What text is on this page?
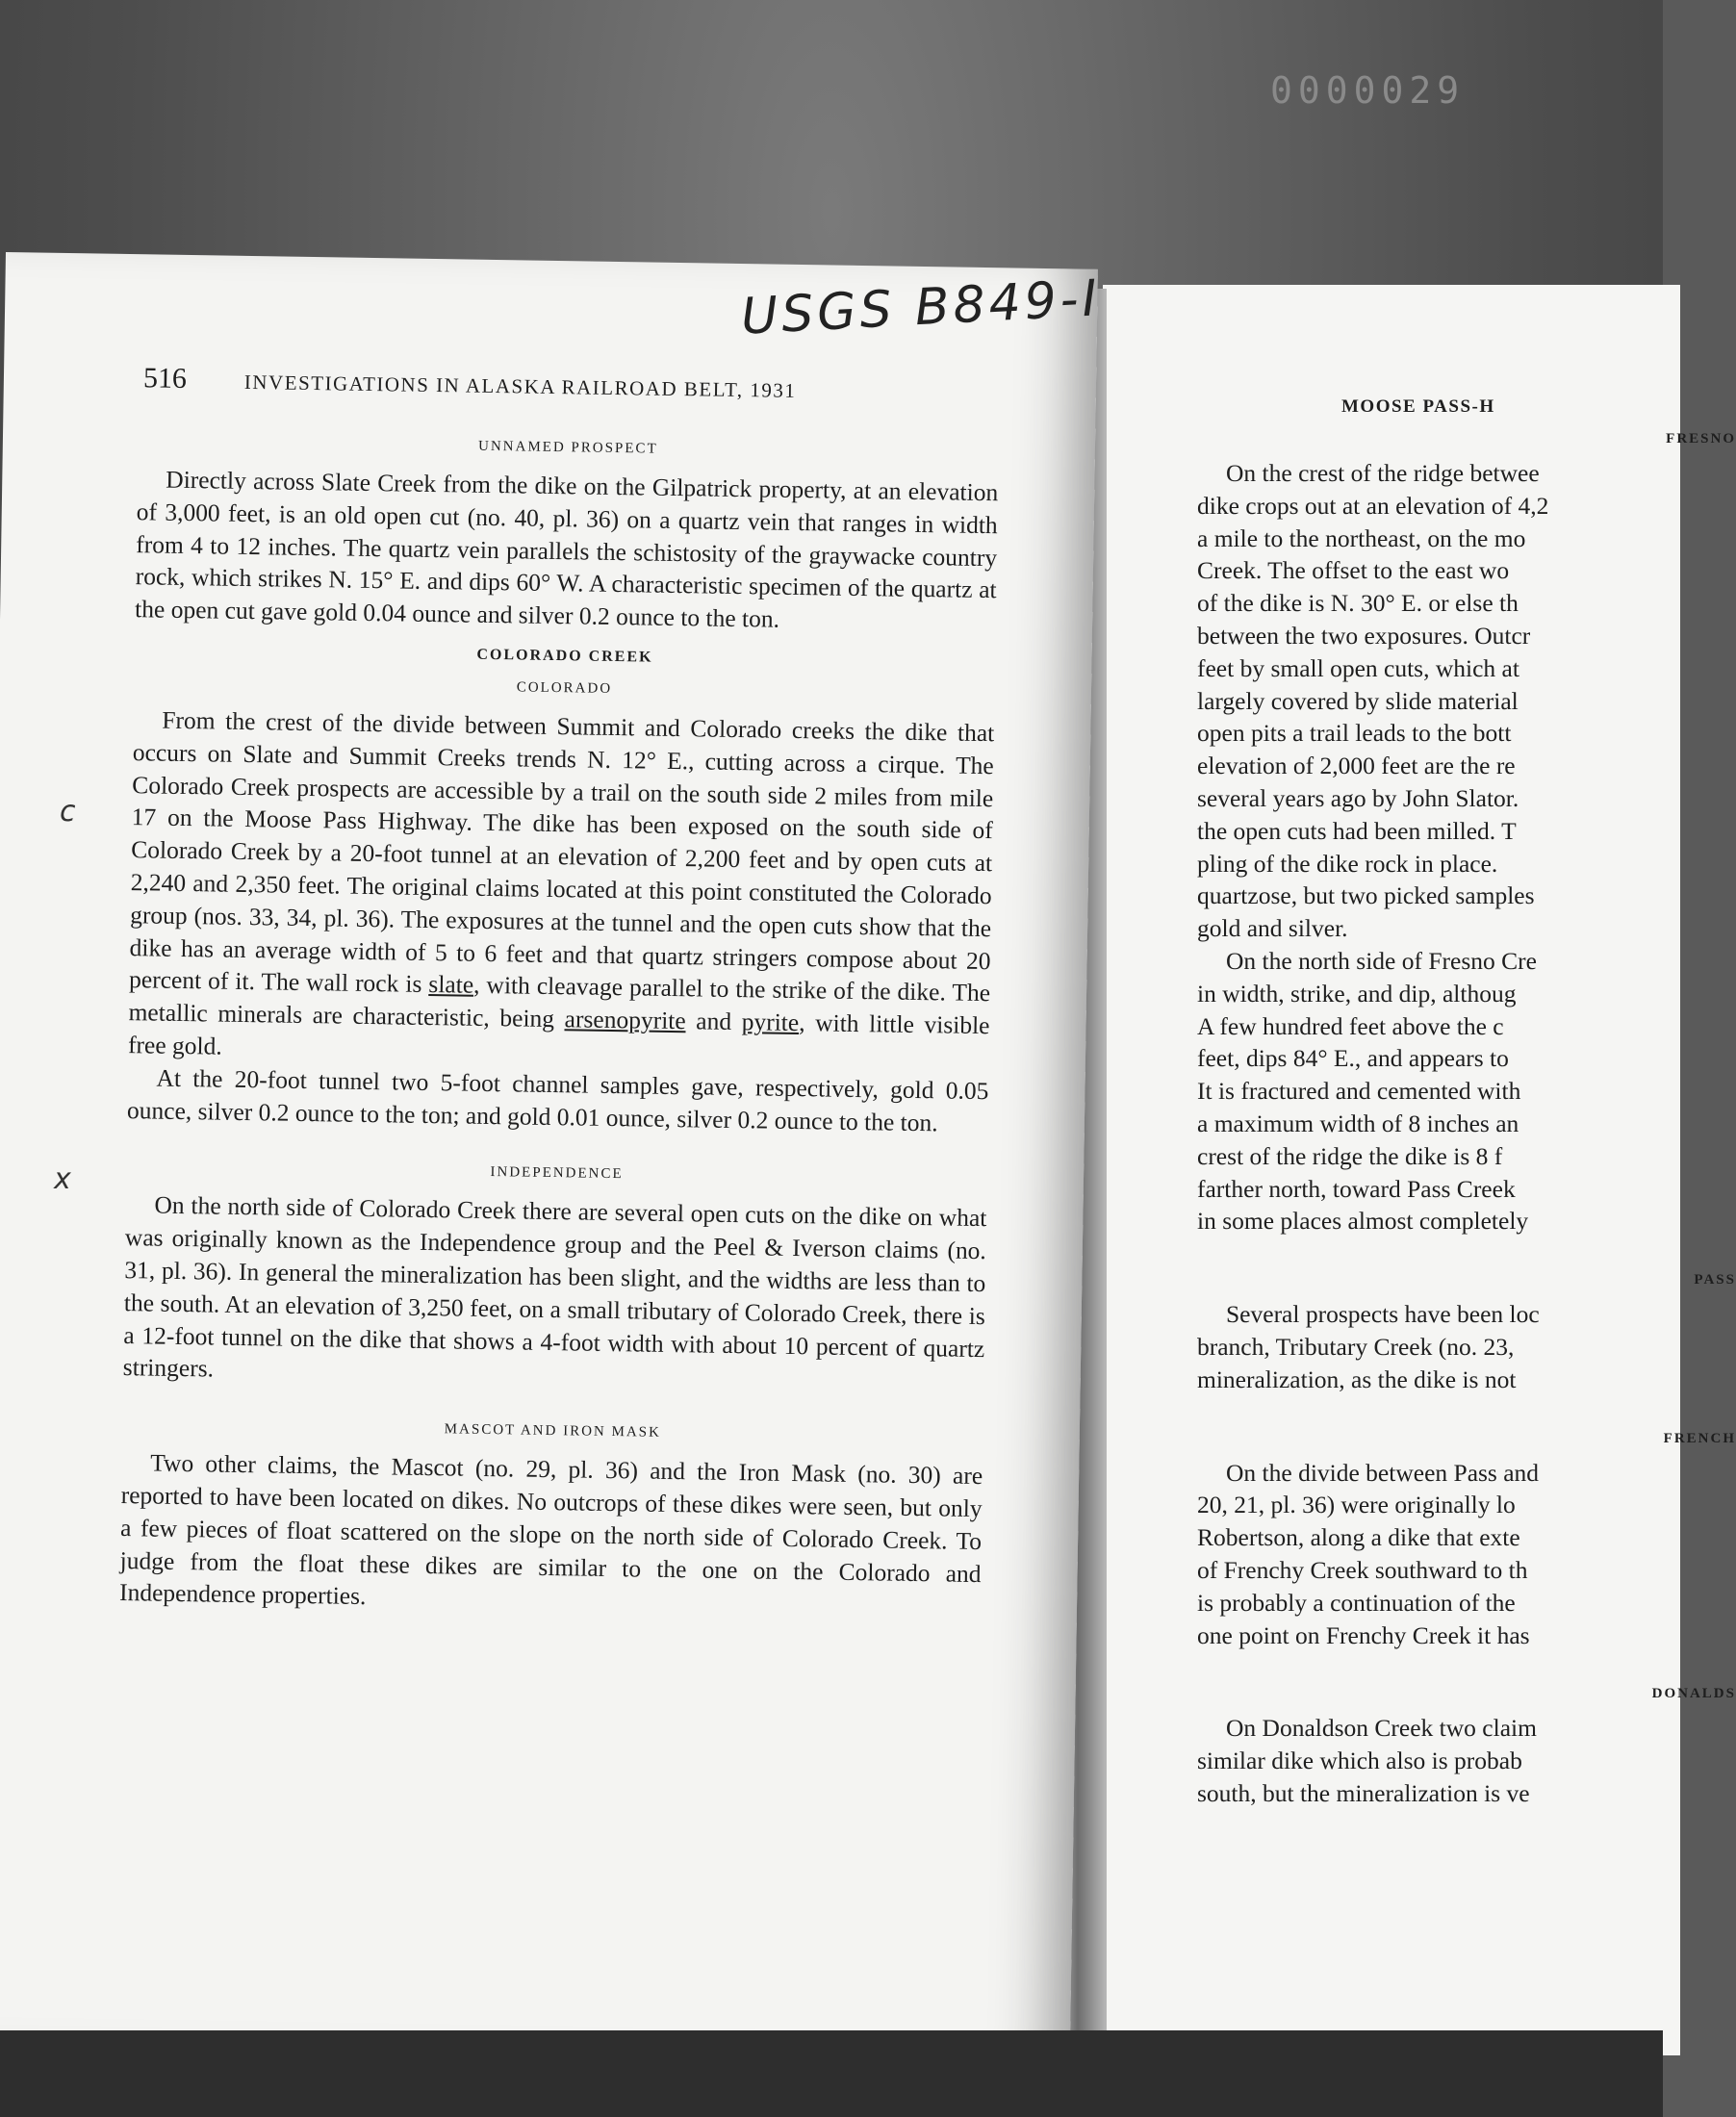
0000029
MOOSE PASS-H
FRESNO
On the crest of the ridge betwee
dike crops out at an elevation of 4,2
a mile to the northeast, on the mo
Creek. The offset to the east wo
of the dike is N. 30° E. or else th
between the two exposures. Outcr
feet by small open cuts, which at
largely covered by slide material
open pits a trail leads to the bott
elevation of 2,000 feet are the re
several years ago by John Slator.
the open cuts had been milled. T
pling of the dike rock in place.
quartzose, but two picked samples
gold and silver.
On the north side of Fresno Cre
in width, strike, and dip, althoug
A few hundred feet above the c
feet, dips 84° E., and appears to
It is fractured and cemented with
a maximum width of 8 inches an
crest of the ridge the dike is 8 f
farther north, toward Pass Creek
in some places almost completely
PASS
Several prospects have been loc
branch, Tributary Creek (no. 23,
mineralization, as the dike is not
FRENCH
On the divide between Pass and
20, 21, pl. 36) were originally lo
Robertson, along a dike that exte
of Frenchy Creek southward to th
is probably a continuation of the
one point on Frenchy Creek it has
DONALDS
On Donaldson Creek two claim
similar dike which also is probab
south, but the mineralization is ve
516	INVESTIGATIONS IN ALASKA RAILROAD BELT, 1931
UNNAMED PROSPECT

Directly across Slate Creek from the dike on the Gilpatrick property, at an elevation of 3,000 feet, is an old open cut (no. 40, pl. 36) on a quartz vein that ranges in width from 4 to 12 inches. The quartz vein parallels the schistosity of the graywacke country rock, which strikes N. 15° E. and dips 60° W. A characteristic specimen of the quartz at the open cut gave gold 0.04 ounce and silver 0.2 ounce to the ton.

COLORADO CREEK
COLORADO

From the crest of the divide between Summit and Colorado creeks the dike that occurs on Slate and Summit Creeks trends N. 12° E., cutting across a cirque. The Colorado Creek prospects are accessible by a trail on the south side 2 miles from mile 17 on the Moose Pass Highway. The dike has been exposed on the south side of Colorado Creek by a 20-foot tunnel at an elevation of 2,200 feet and by open cuts at 2,240 and 2,350 feet. The original claims located at this point constituted the Colorado group (nos. 33, 34, pl. 36). The exposures at the tunnel and the open cuts show that the dike has an average width of 5 to 6 feet and that quartz stringers compose about 20 percent of it. The wall rock is slate, with cleavage parallel to the strike of the dike. The metallic minerals are characteristic, being arsenopyrite and pyrite, with little visible free gold.

At the 20-foot tunnel two 5-foot channel samples gave, respectively, gold 0.05 ounce, silver 0.2 ounce to the ton; and gold 0.01 ounce, silver 0.2 ounce to the ton.

INDEPENDENCE

On the north side of Colorado Creek there are several open cuts on the dike on what was originally known as the Independence group and the Peel & Iverson claims (no. 31, pl. 36). In general the mineralization has been slight, and the widths are less than to the south. At an elevation of 3,250 feet, on a small tributary of Colorado Creek, there is a 12-foot tunnel on the dike that shows a 4-foot width with about 10 percent of quartz stringers.

MASCOT AND IRON MASK

Two other claims, the Mascot (no. 29, pl. 36) and the Iron Mask (no. 30) are reported to have been located on dikes. No outcrops of these dikes were seen, but only a few pieces of float scattered on the slope on the north side of Colorado Creek. To judge from the float these dikes are similar to the one on the Colorado and Independence properties.

USGS B849-I
c
x
